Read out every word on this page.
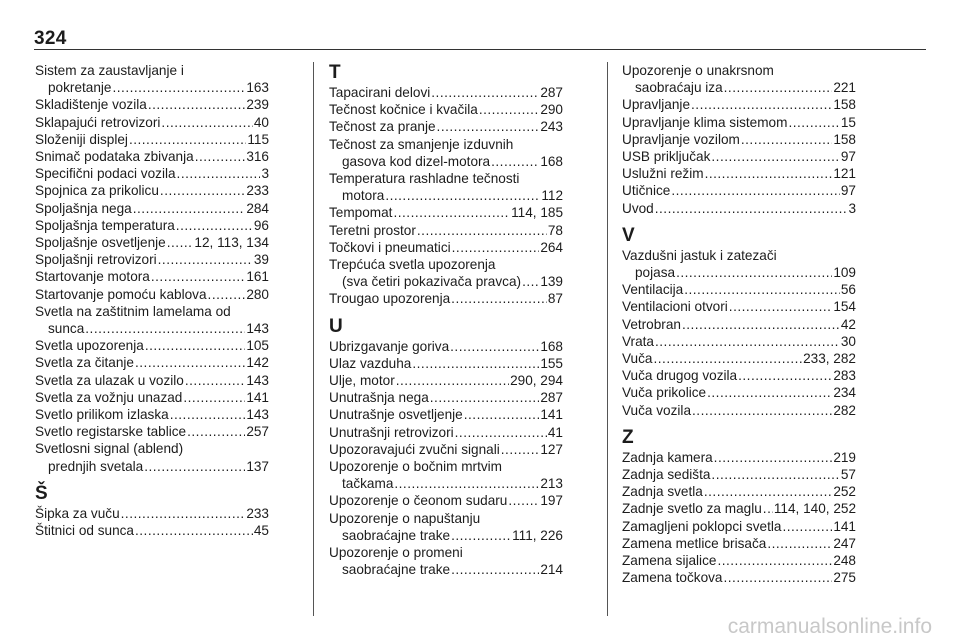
324
Sistem za zaustavljanje i
pokretanje .....	163
Skladištenje vozila .....	239
Sklapajući retrovizori .....	40
Složeniji displej .....	115
Snimač podataka zbivanja .....	316
Specifični podaci vozila .....	3
Spojnica za prikolicu .....	233
Spoljašnja nega .....	284
Spoljašnja temperatura .....	96
Spoljašnje osvetljenje ..... 12, 113, 134
Spoljašnji retrovizori .....	39
Startovanje motora .....	161
Startovanje pomoću kablova .....	280
Svetla na zaštitnim lamelama od
sunca .....	143
Svetla upozorenja .....	105
Svetla za čitanje .....	142
Svetla za ulazak u vozilo .....	143
Svetla za vožnju unazad .....	141
Svetlo prilikom izlaska .....	143
Svetlo registarske tablice .....	257
Svetlosni signal (ablend)
prednjih svetala .....	137
Š
Šipka za vuču .....	233
Štitnici od sunca .....	45
T
Tapacirani delovi .....	287
Tečnost kočnice i kvačila .....	290
Tečnost za pranje .....	243
Tečnost za smanjenje izduvnih
gasova kod dizel-motora .....	168
Temperatura rashladne tečnosti
motora .....	112
Tempomat .....	114, 185
Teretni prostor .....	78
Točkovi i pneumatici .....	264
Trepćuća svetla upozorenja
(sva četiri pokazivača pravca) ..... 139
Trougao upozorenja .....	87
U
Ubrizgavanje goriva .....	168
Ulaz vazduha .....	155
Ulje, motor .....	290, 294
Unutrašnja nega .....	287
Unutrašnje osvetljenje .....	141
Unutrašnji retrovizori .....	41
Upozoravajući zvučni signali .....	127
Upozorenje o bočnim mrtvim
tačkama .....	213
Upozorenje o čeonom sudaru ..... 197
Upozorenje o napuštanju
saobraćajne trake .....	111, 226
Upozorenje o promeni
saobraćajne trake .....	214
Upozorenje o unakrsnom
saobraćaju iza .....	221
Upravljanje .....	158
Upravljanje klima sistemom .....	15
Upravljanje vozilom .....	158
USB priključak .....	97
Uslužni režim .....	121
Utičnice .....	97
Uvod .....	3
V
Vazdušni jastuk i zatezači
pojasa .....	109
Ventilacija .....	56
Ventilacioni otvori .....	154
Vetrobran .....	42
Vrata .....	30
Vuča .....	233, 282
Vuča drugog vozila .....	283
Vuča prikolice .....	234
Vuča vozila .....	282
Z
Zadnja kamera .....	219
Zadnja sedišta .....	57
Zadnja svetla .....	252
Zadnje svetlo za maglu ..... 114, 140, 252
Zamagljeni poklopci svetla .....	141
Zamena metlice brisača .....	247
Zamena sijalice .....	248
Zamena točkova .....	275
carmanualsonline.info
